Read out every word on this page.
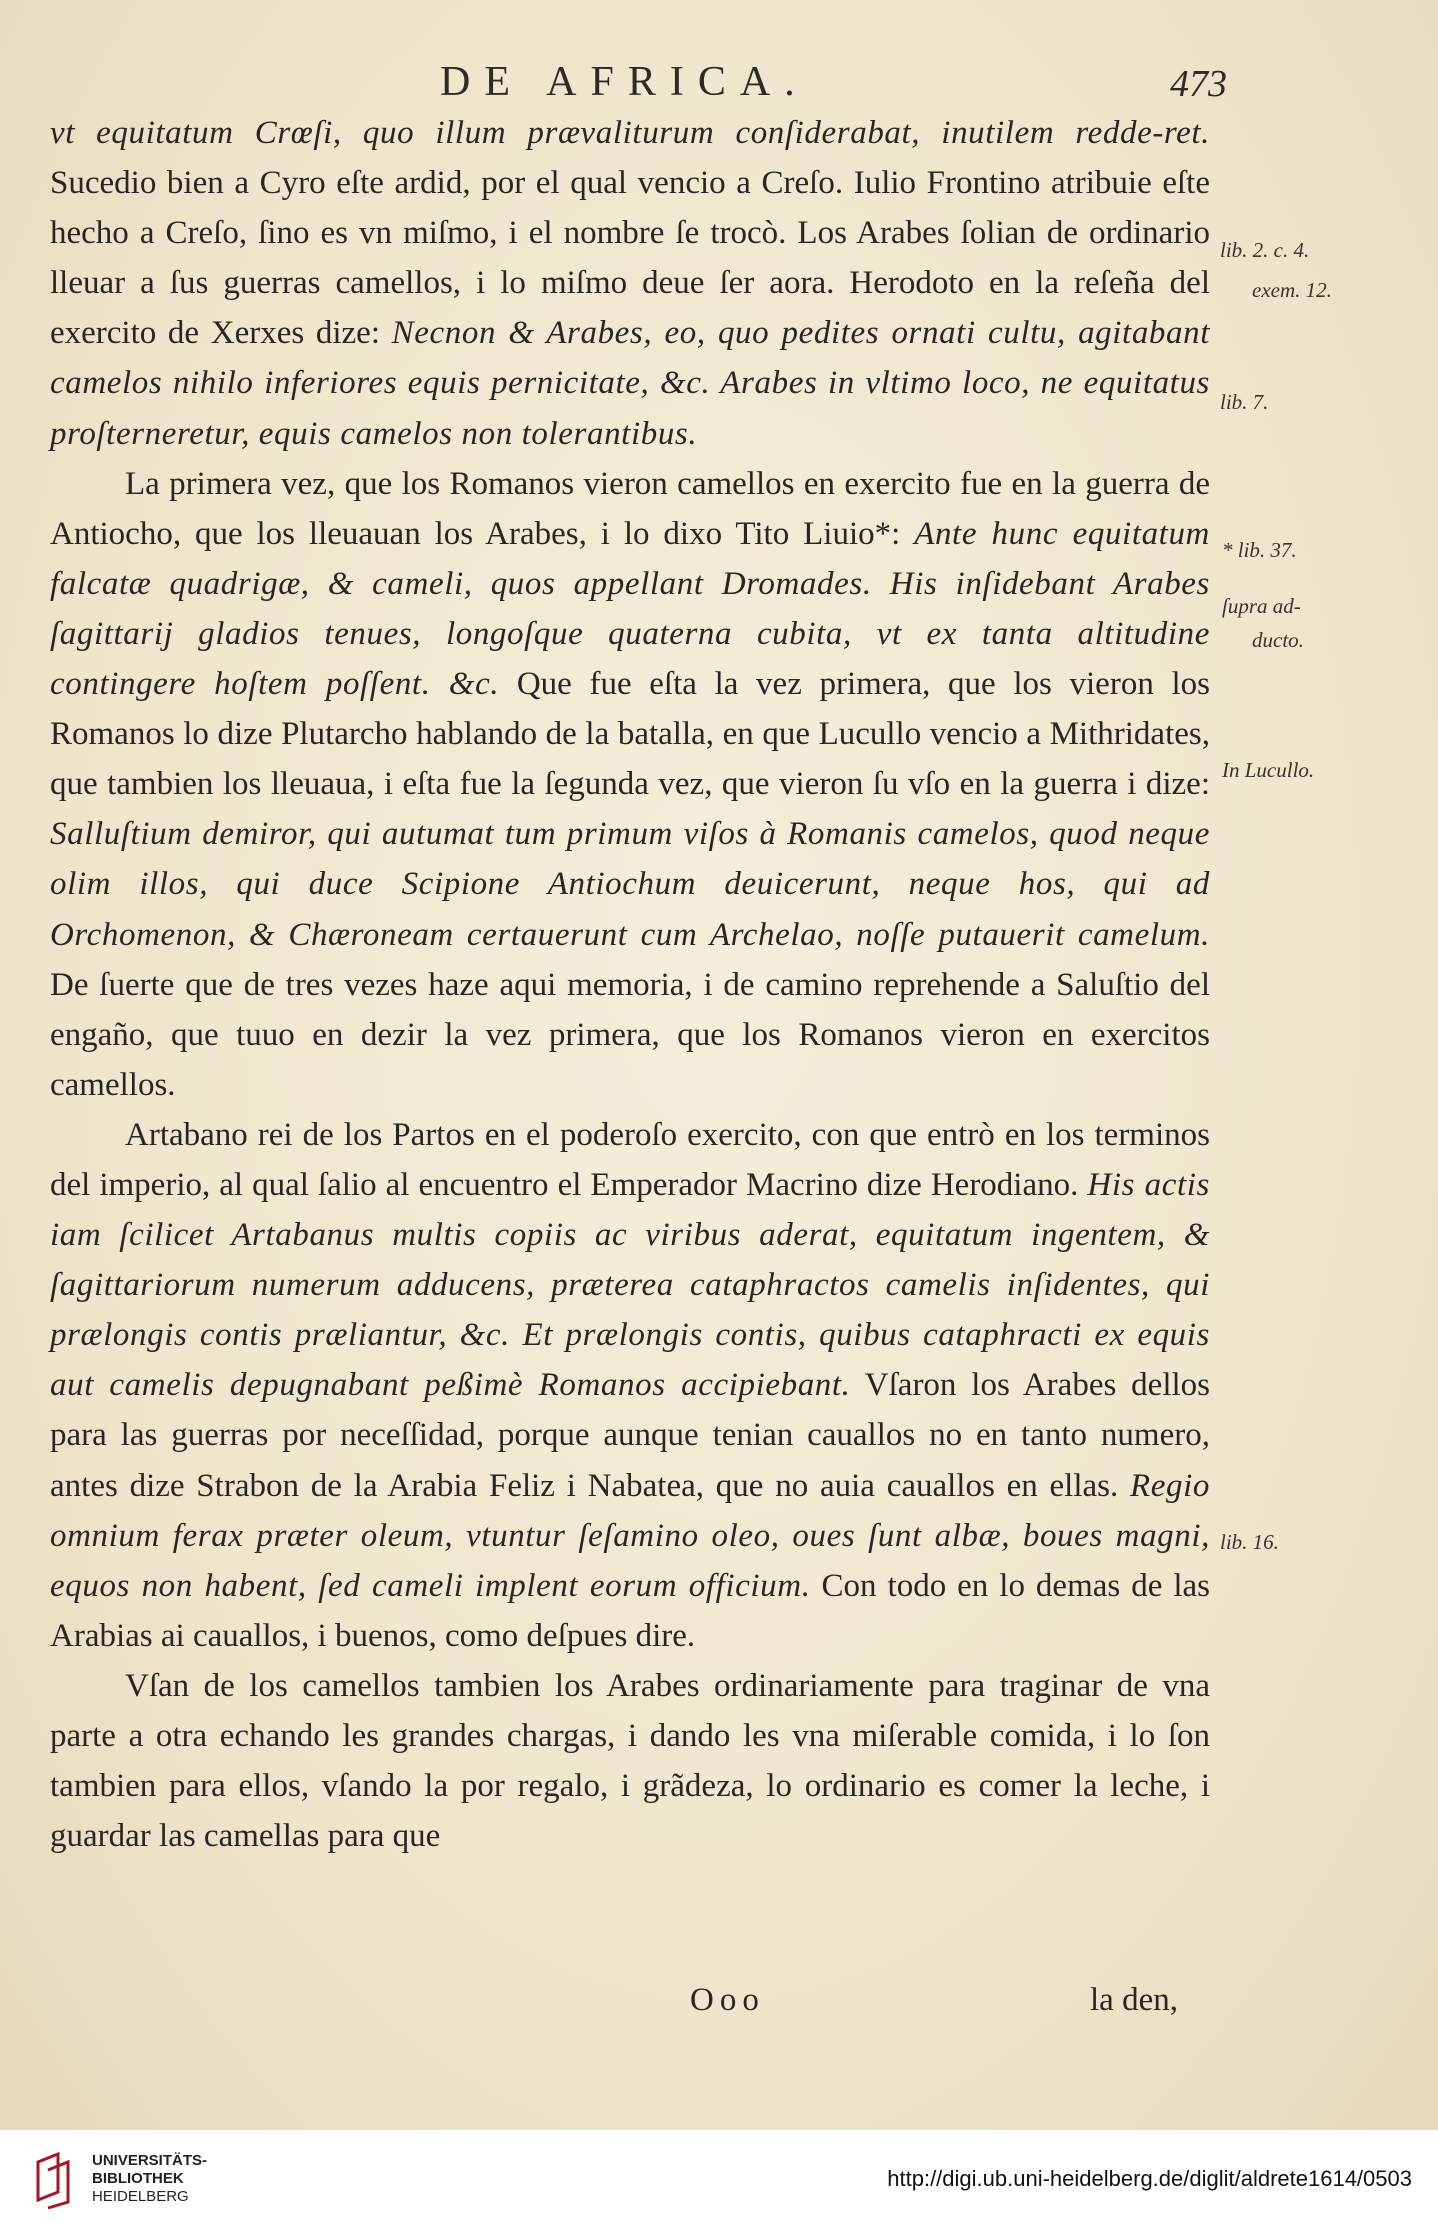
DE AFRICA.	473

vt equitatum Crœſi, quo illum prævaliturum conſiderabat, inutilem redde-ret. Sucedio bien a Cyro eſte ardid, por el qual vencio a Creſo. Iulio Frontino atribuie eſte hecho a Creſo, ſino es vn miſmo, i el nombre ſe trocò. Los Arabes ſolian de ordinario lleuar a ſus guerras camellos, i lo miſmo deue ſer aora. Herodoto en la reſeña del exercito de Xerxes dize: Necnon & Arabes, eo, quo pedites ornati cultu, agitabant camelos nihilo inferiores equis pernicitate, &c. Arabes in vltimo loco, ne equitatus proſterneretur, equis camelos non tolerantibus.

La primera vez, que los Romanos vieron camellos en exercito fue en la guerra de Antiocho, que los lleuauan los Arabes, i lo dixo Tito Liuio*: Ante hunc equitatum falcatæ quadrigæ, & cameli, quos appellant Dromades. His inſidebant Arabes ſagittarij gladios tenues, longoſque quaterna cubita, vt ex tanta altitudine contingere hoſtem poſſent. &c. Que fue eſta la vez primera, que los vieron los Romanos lo dize Plutarcho hablando de la batalla, en que Lucullo vencio a Mithridates, que tambien los lleuaua, i eſta fue la ſegunda vez, que vieron ſu vſo en la guerra i dize: Salluſtium demiror, qui autumat tum primum viſos à Romanis camelos, quod neque olim illos, qui duce Scipione Antiochum deuicerunt, neque hos, qui ad Orchomenon, & Chæroneam certauerunt cum Archelao, noſſe putauerit camelum. De ſuerte que de tres vezes haze aqui memoria, i de camino reprehende a Saluſtio del engaño, que tuuo en dezir la vez primera, que los Romanos vieron en exercitos camellos.

Artabano rei de los Partos en el poderoſo exercito, con que entrò en los terminos del imperio, al qual ſalio al encuentro el Emperador Macrino dize Herodiano. His actis iam ſcilicet Artabanus multis copiis ac viribus aderat, equitatum ingentem, & ſagittariorum numerum adducens, præterea cataphractos camelis inſidentes, qui prælongis contis præliantur, &c. Et prælongis contis, quibus cataphracti ex equis aut camelis depugnabant peßimè Romanos accipiebant. Vſaron los Arabes dellos para las guerras por neceſſidad, porque aunque tenian cauallos no en tanto numero, antes dize Strabon de la Arabia Feliz i Nabatea, que no auia cauallos en ellas. Regio omnium ferax præter oleum, vtuntur ſeſamino oleo, oues ſunt albæ, boues magni, equos non habent, ſed cameli implent eorum officium. Con todo en lo demas de las Arabias ai cauallos, i buenos, como deſpues dire.

Vſan de los camellos tambien los Arabes ordinariamente para traginar de vna parte a otra echando les grandes chargas, i dando les vna miſerable comida, i lo ſon tambien para ellos, vſando la por regalo, i grãdeza, lo ordinario es comer la leche, i guardar las camellas para que

lib. 2. c. 4.
exem. 12.
lib. 7.
* lib. 37.
ſupra ad-
ducto.
In Lucullo.
lib. 16.
Ooo	la den,
UNIVERSITÄTS-
BIBLIOTHEK
HEIDELBERG
http://digi.ub.uni-heidelberg.de/diglit/aldrete1614/0503
